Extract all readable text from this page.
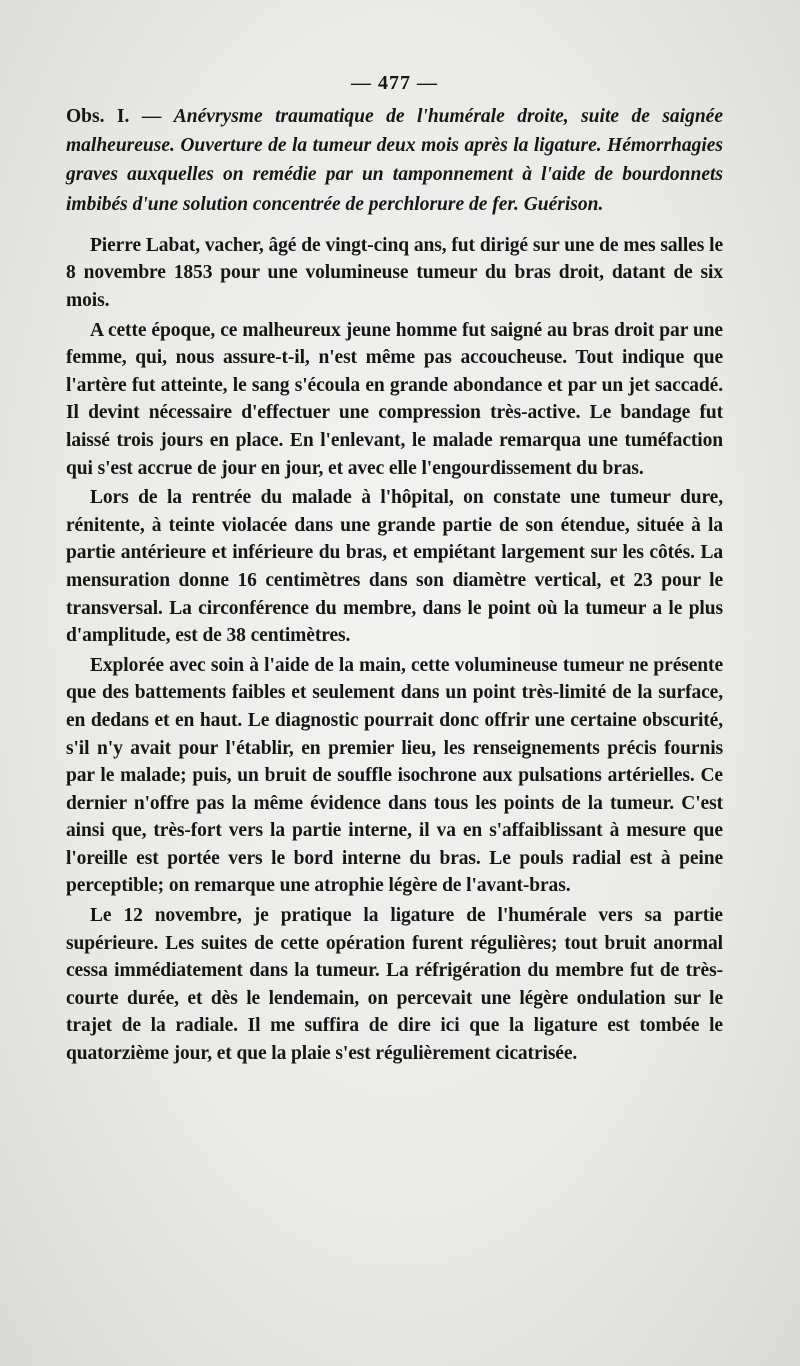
— 477 —

Obs. I. — Anévrysme traumatique de l'humérale droite, suite de saignée malheureuse. Ouverture de la tumeur deux mois après la ligature. Hémorrhagies graves auxquelles on remédie par un tamponnement à l'aide de bourdonnets imbibés d'une solution concentrée de perchlorure de fer. Guérison.

Pierre Labat, vacher, âgé de vingt-cinq ans, fut dirigé sur une de mes salles le 8 novembre 1853 pour une volumineuse tumeur du bras droit, datant de six mois.

A cette époque, ce malheureux jeune homme fut saigné au bras droit par une femme, qui, nous assure-t-il, n'est même pas accoucheuse. Tout indique que l'artère fut atteinte, le sang s'écoula en grande abondance et par un jet saccadé. Il devint nécessaire d'effectuer une compression très-active. Le bandage fut laissé trois jours en place. En l'enlevant, le malade remarqua une tuméfaction qui s'est accrue de jour en jour, et avec elle l'engourdissement du bras.

Lors de la rentrée du malade à l'hôpital, on constate une tumeur dure, rénitente, à teinte violacée dans une grande partie de son étendue, située à la partie antérieure et inférieure du bras, et empiétant largement sur les côtés. La mensuration donne 16 centimètres dans son diamètre vertical, et 23 pour le transversal. La circonférence du membre, dans le point où la tumeur a le plus d'amplitude, est de 38 centimètres.

Explorée avec soin à l'aide de la main, cette volumineuse tumeur ne présente que des battements faibles et seulement dans un point très-limité de la surface, en dedans et en haut. Le diagnostic pourrait donc offrir une certaine obscurité, s'il n'y avait pour l'établir, en premier lieu, les renseignements précis fournis par le malade; puis, un bruit de souffle isochrone aux pulsations artérielles. Ce dernier n'offre pas la même évidence dans tous les points de la tumeur. C'est ainsi que, très-fort vers la partie interne, il va en s'affaiblissant à mesure que l'oreille est portée vers le bord interne du bras. Le pouls radial est à peine perceptible; on remarque une atrophie légère de l'avant-bras.

Le 12 novembre, je pratique la ligature de l'humérale vers sa partie supérieure. Les suites de cette opération furent régulières; tout bruit anormal cessa immédiatement dans la tumeur. La réfrigération du membre fut de très-courte durée, et dès le lendemain, on percevait une légère ondulation sur le trajet de la radiale. Il me suffira de dire ici que la ligature est tombée le quatorzième jour, et que la plaie s'est régulièrement cicatrisée.
